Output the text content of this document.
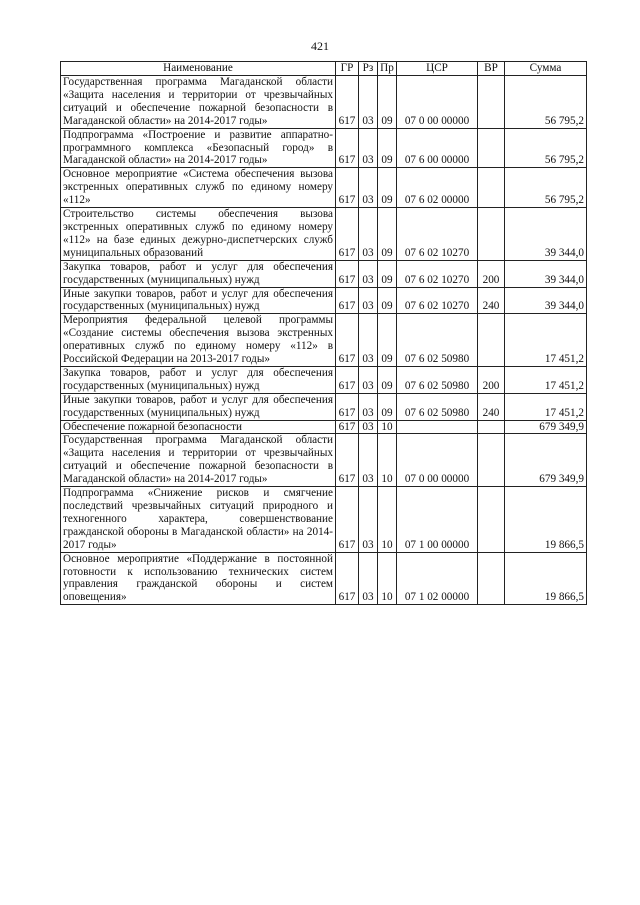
421
Наименование	ГР	Рз	Пр	ЦСР	ВР	Сумма
Государственная программа Магаданской области «Защита населения и территории от чрезвычайных ситуаций и обеспечение пожарной безопасности в Магаданской области» на 2014-2017 годы»	617	03	09	07 0 00 00000		56 795,2
Подпрограмма «Построение и развитие аппаратно-программного комплекса «Безопасный город» в Магаданской области» на 2014-2017 годы»	617	03	09	07 6 00 00000		56 795,2
Основное мероприятие «Система обеспечения вызова экстренных оперативных служб по единому номеру «112»	617	03	09	07 6 02 00000		56 795,2
Строительство системы обеспечения вызова экстренных оперативных служб по единому номеру «112» на базе единых дежурно-диспетчерских служб муниципальных образований	617	03	09	07 6 02 10270		39 344,0
Закупка товаров, работ и услуг для обеспечения государственных (муниципальных) нужд	617	03	09	07 6 02 10270	200	39 344,0
Иные закупки товаров, работ и услуг для обеспечения государственных (муниципальных) нужд	617	03	09	07 6 02 10270	240	39 344,0
Мероприятия федеральной целевой программы «Создание системы обеспечения вызова экстренных оперативных служб по единому номеру «112» в Российской Федерации на 2013-2017 годы»	617	03	09	07 6 02 50980		17 451,2
Закупка товаров, работ и услуг для обеспечения государственных (муниципальных) нужд	617	03	09	07 6 02 50980	200	17 451,2
Иные закупки товаров, работ и услуг для обеспечения государственных (муниципальных) нужд	617	03	09	07 6 02 50980	240	17 451,2
Обеспечение пожарной безопасности	617	03	10			679 349,9
Государственная программа Магаданской области «Защита населения и территории от чрезвычайных ситуаций и обеспечение пожарной безопасности в Магаданской области» на 2014-2017 годы»	617	03	10	07 0 00 00000		679 349,9
Подпрограмма «Снижение рисков и смягчение последствий чрезвычайных ситуаций природного и техногенного характера, совершенствование гражданской обороны в Магаданской области» на 2014-2017 годы»	617	03	10	07 1 00 00000		19 866,5
Основное мероприятие «Поддержание в постоянной готовности к использованию технических систем управления гражданской обороны и систем оповещения»	617	03	10	07 1 02 00000		19 866,5
